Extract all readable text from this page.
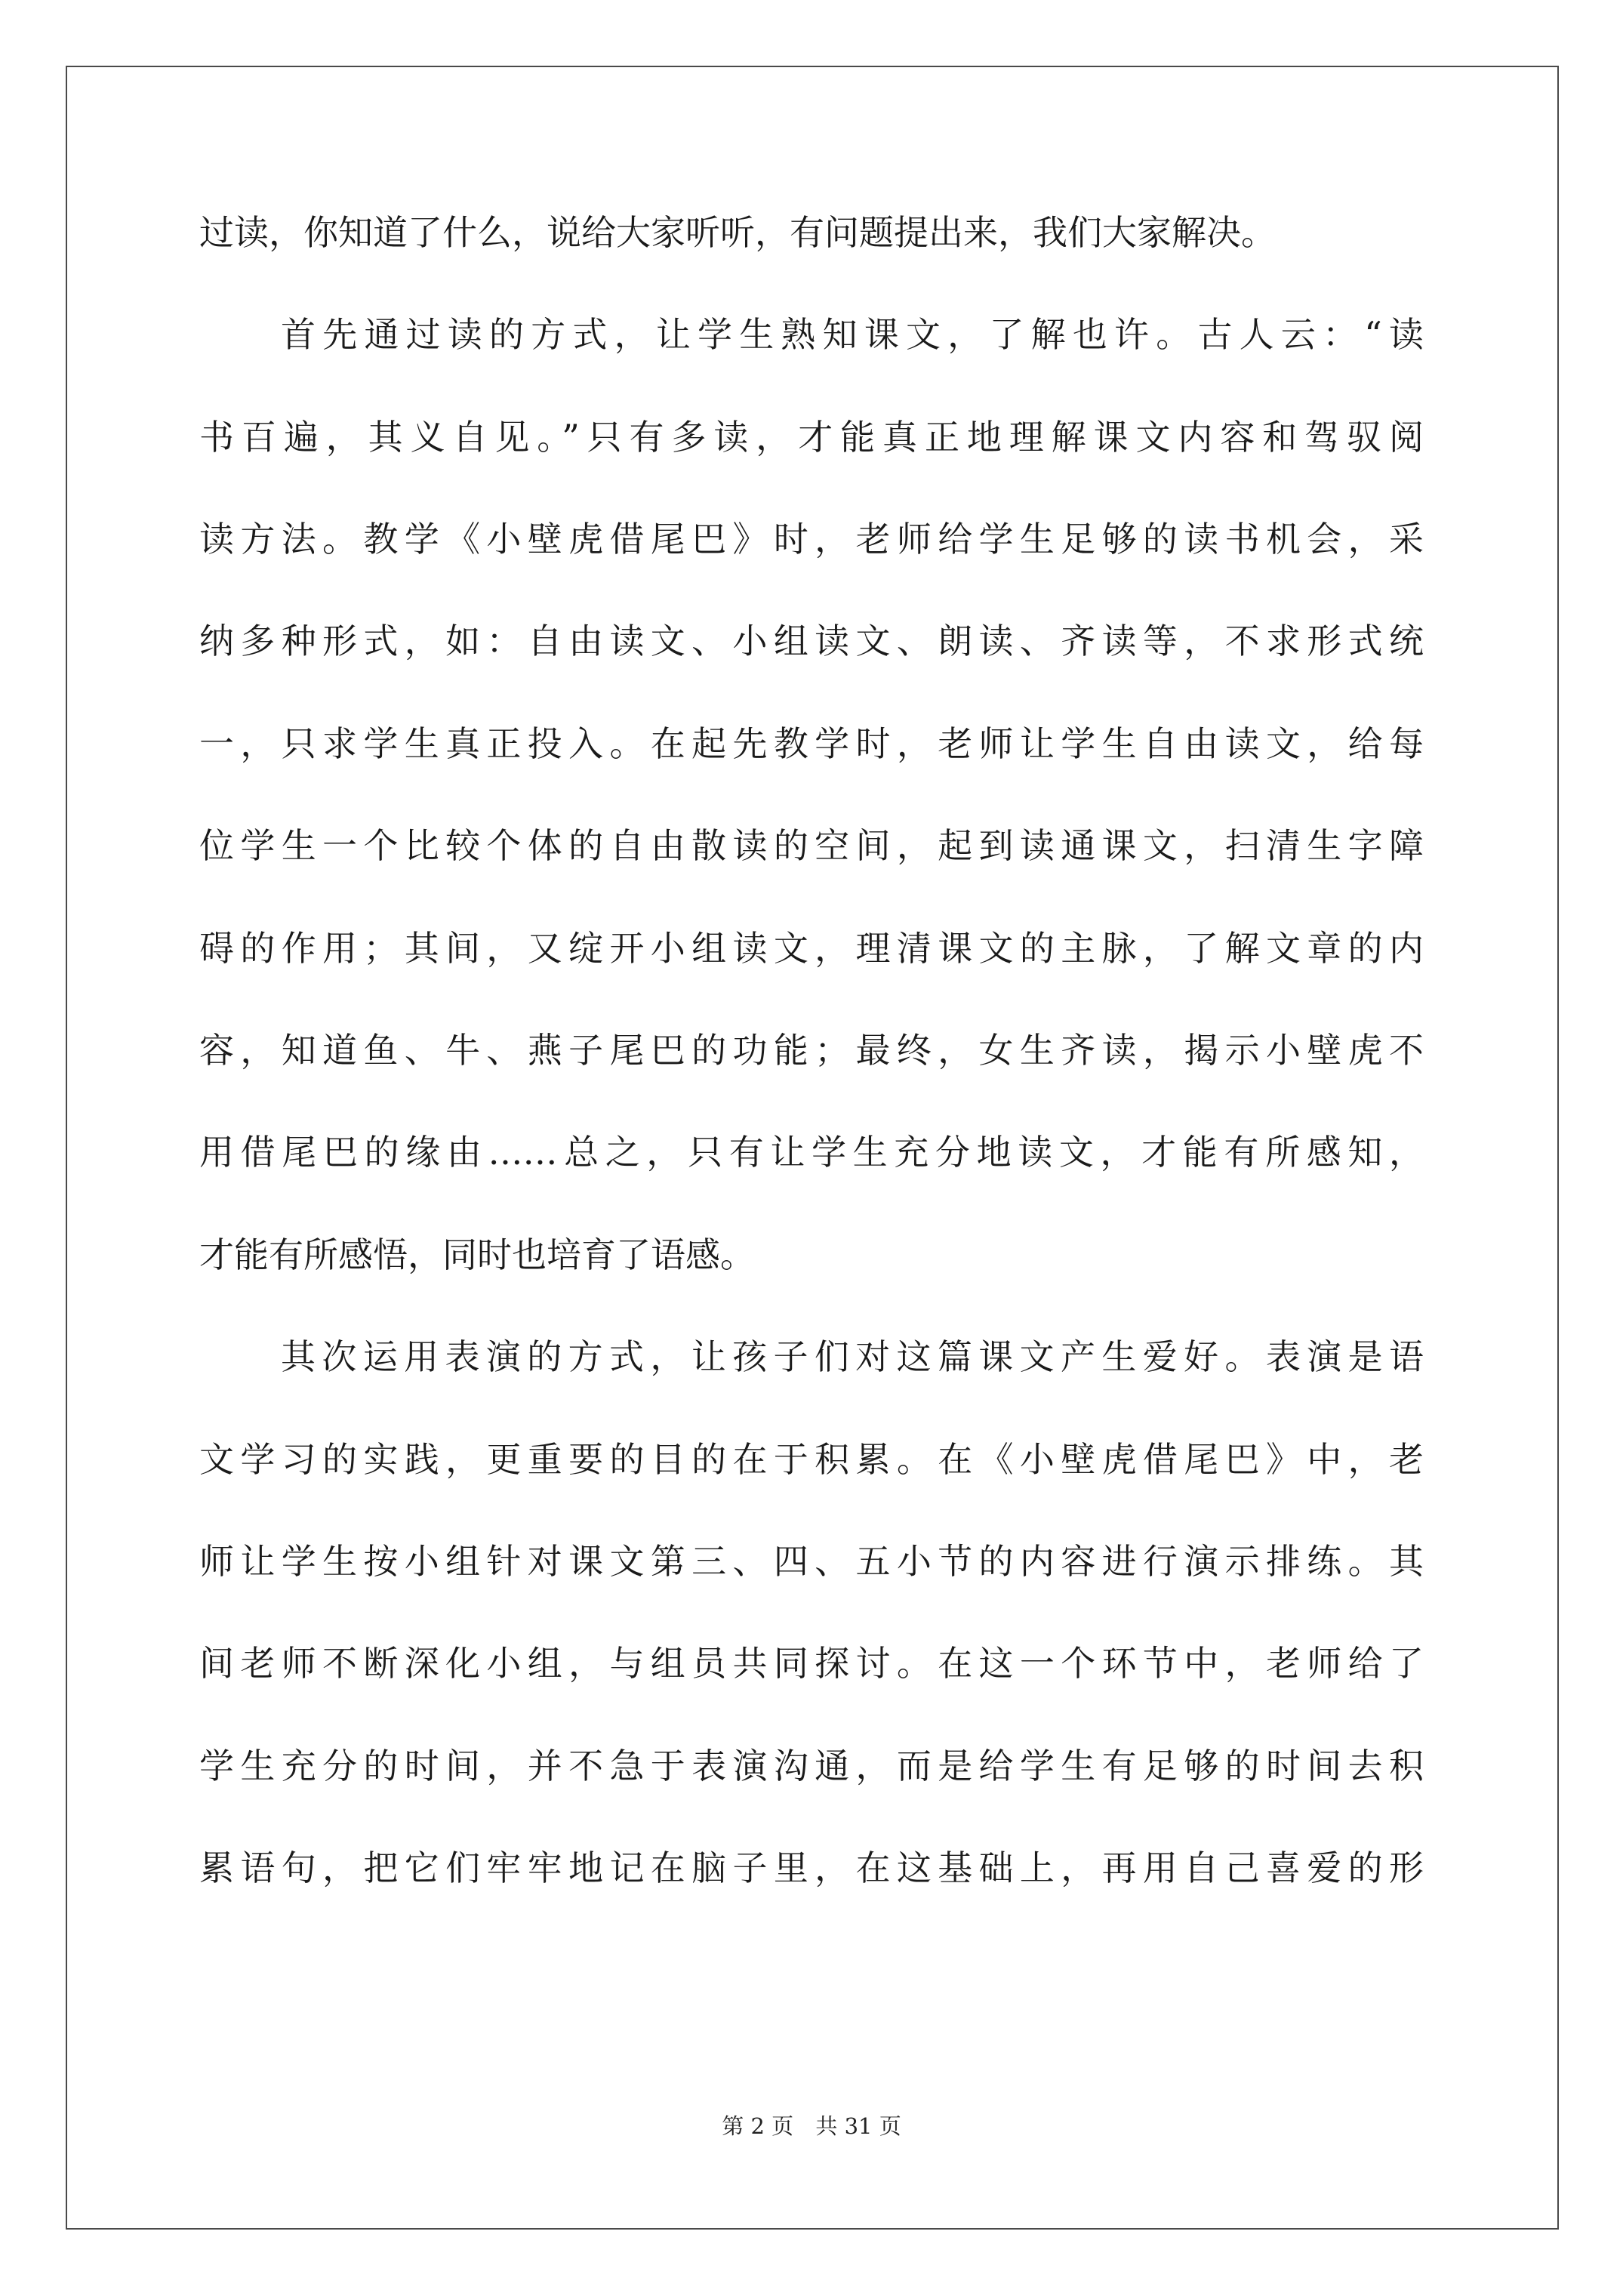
过读，你知道了什么，说给大家听听，有问题提出来，我们大家解决。
首先通过读的方式，让学生熟知课文，了解也许。古人云：“读
书百遍，其义自见。”只有多读，才能真正地理解课文内容和驾驭阅
读方法。教学《小壁虎借尾巴》时，老师给学生足够的读书机会，采
纳多种形式，如：自由读文、小组读文、朗读、齐读等，不求形式统
一，只求学生真正投入。在起先教学时，老师让学生自由读文，给每
位学生一个比较个体的自由散读的空间，起到读通课文，扫清生字障
碍的作用；其间，又绽开小组读文，理清课文的主脉，了解文章的内
容，知道鱼、牛、燕子尾巴的功能；最终，女生齐读，揭示小壁虎不
用借尾巴的缘由……总之，只有让学生充分地读文，才能有所感知，
才能有所感悟，同时也培育了语感。
其次运用表演的方式，让孩子们对这篇课文产生爱好。表演是语
文学习的实践，更重要的目的在于积累。在《小壁虎借尾巴》中，老
师让学生按小组针对课文第三、四、五小节的内容进行演示排练。其
间老师不断深化小组，与组员共同探讨。在这一个环节中，老师给了
学生充分的时间，并不急于表演沟通，而是给学生有足够的时间去积
累语句，把它们牢牢地记在脑子里，在这基础上，再用自己喜爱的形
第 2 页 共 31 页
